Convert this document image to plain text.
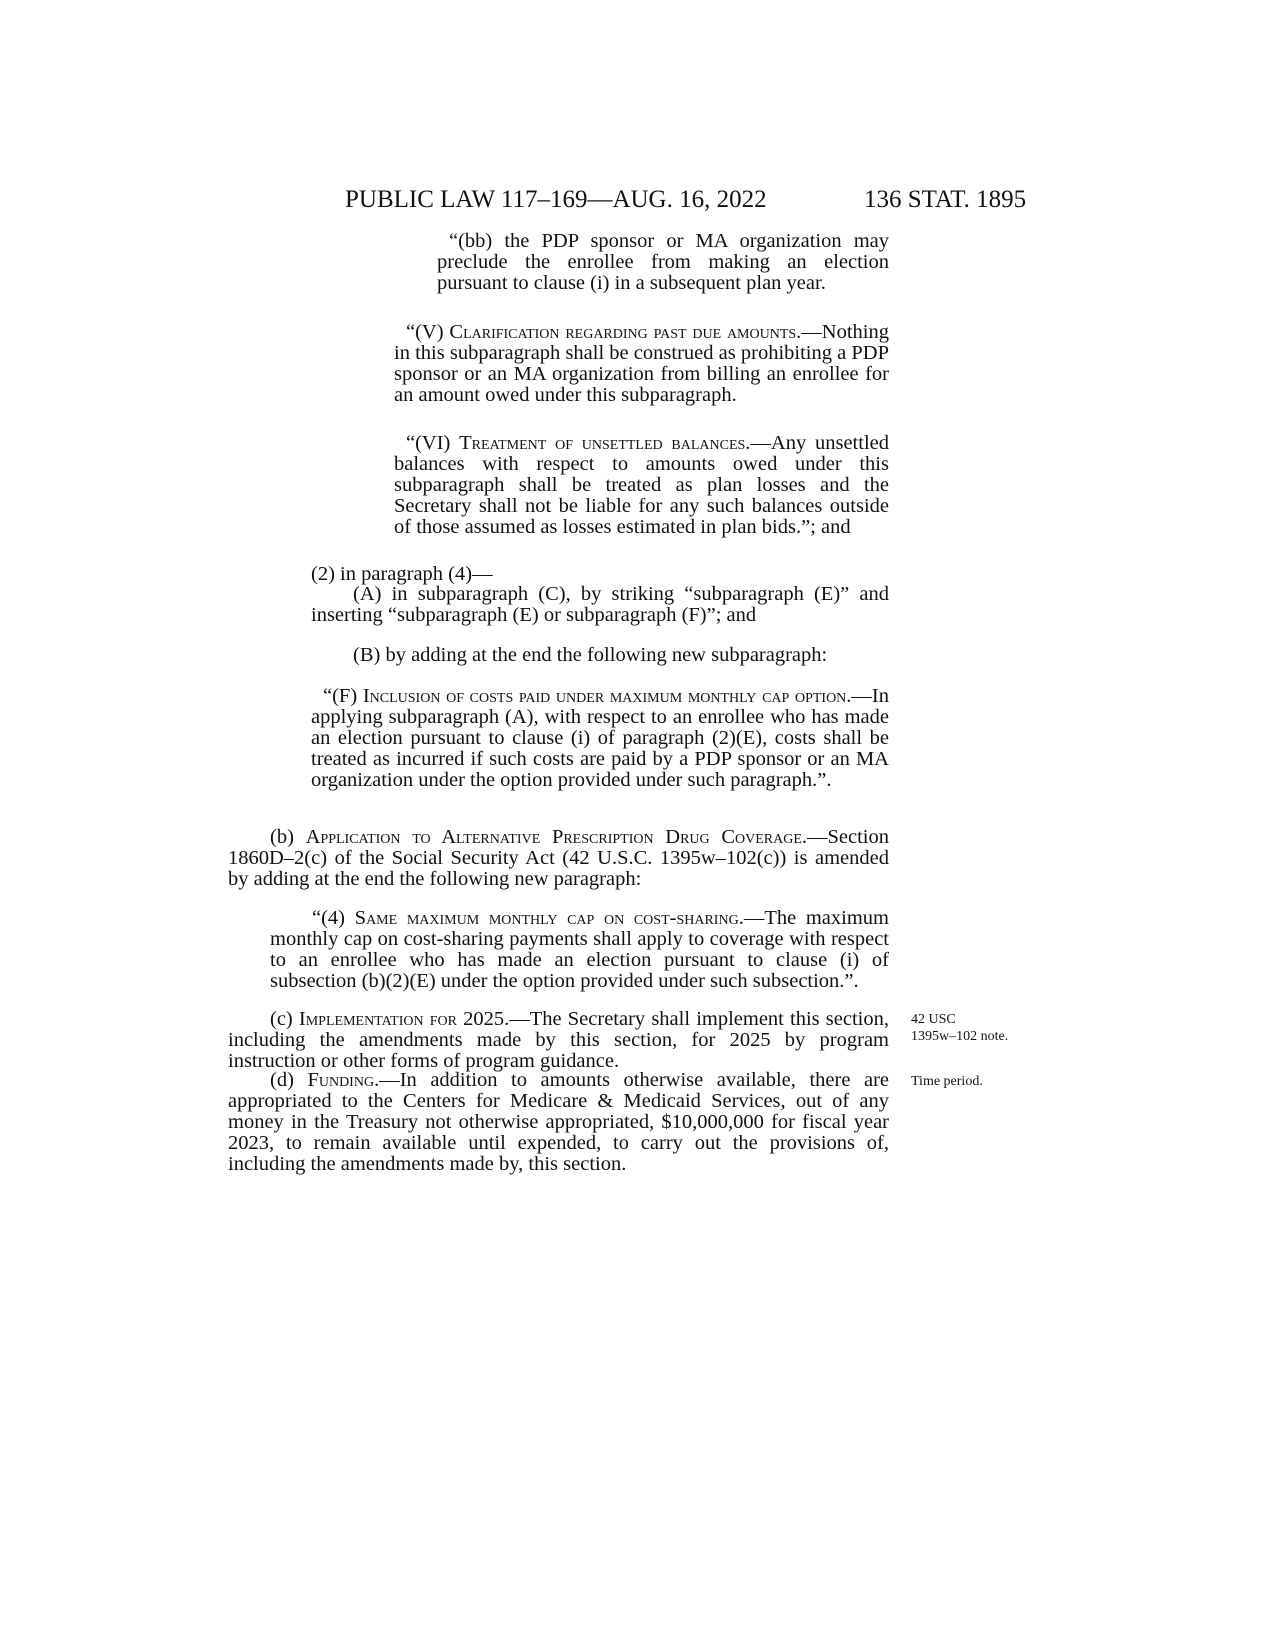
PUBLIC LAW 117–169—AUG. 16, 2022	136 STAT. 1895

“(bb) the PDP sponsor or MA organization may preclude the enrollee from making an election pursuant to clause (i) in a subsequent plan year.

“(V) Clarification regarding past due amounts.—Nothing in this subparagraph shall be construed as prohibiting a PDP sponsor or an MA organization from billing an enrollee for an amount owed under this subparagraph.

“(VI) Treatment of unsettled balances.—Any unsettled balances with respect to amounts owed under this subparagraph shall be treated as plan losses and the Secretary shall not be liable for any such balances outside of those assumed as losses estimated in plan bids.”; and

(2) in paragraph (4)—

(A) in subparagraph (C), by striking “subparagraph (E)” and inserting “subparagraph (E) or subparagraph (F)”; and

(B) by adding at the end the following new subparagraph:

“(F) Inclusion of costs paid under maximum monthly cap option.—In applying subparagraph (A), with respect to an enrollee who has made an election pursuant to clause (i) of paragraph (2)(E), costs shall be treated as incurred if such costs are paid by a PDP sponsor or an MA organization under the option provided under such paragraph.”.

(b) Application to Alternative Prescription Drug Coverage.—Section 1860D–2(c) of the Social Security Act (42 U.S.C. 1395w–102(c)) is amended by adding at the end the following new paragraph:

“(4) Same maximum monthly cap on cost-sharing.—The maximum monthly cap on cost-sharing payments shall apply to coverage with respect to an enrollee who has made an election pursuant to clause (i) of subsection (b)(2)(E) under the option provided under such subsection.”.

(c) Implementation for 2025.—The Secretary shall implement this section, including the amendments made by this section, for 2025 by program instruction or other forms of program guidance.

(d) Funding.—In addition to amounts otherwise available, there are appropriated to the Centers for Medicare & Medicaid Services, out of any money in the Treasury not otherwise appropriated, $10,000,000 for fiscal year 2023, to remain available until expended, to carry out the provisions of, including the amendments made by, this section.

42 USC
1395w–102 note.
Time period.
